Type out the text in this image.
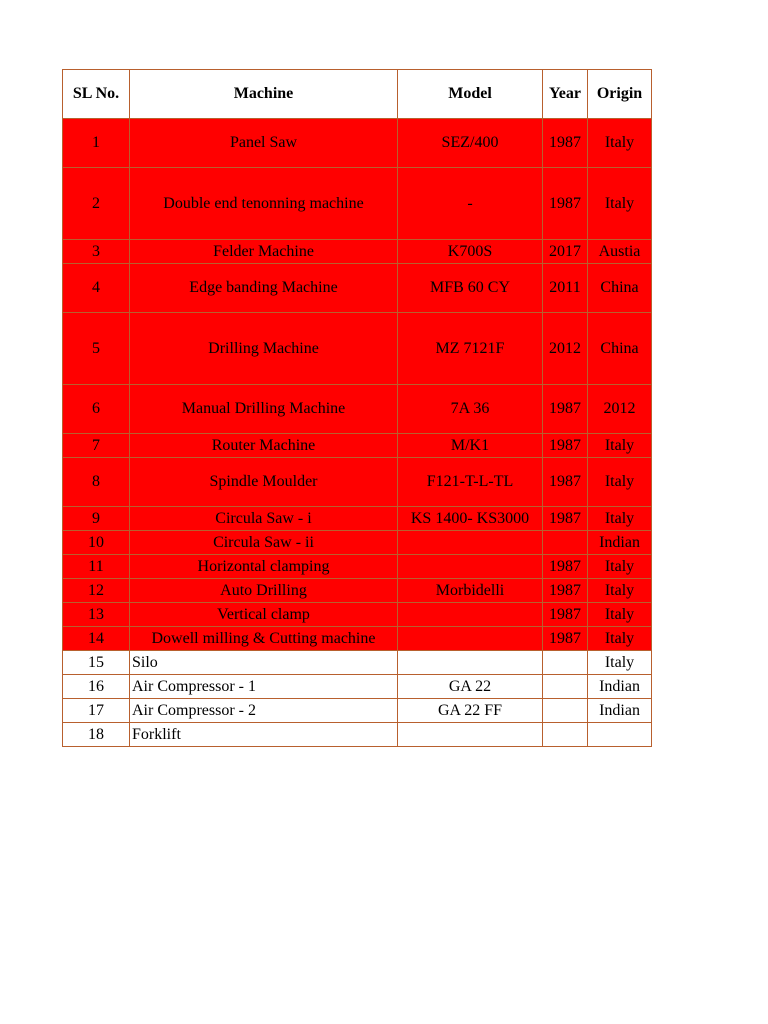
SL No.	Machine	Model	Year	Origin
1	Panel Saw	SEZ/400	1987	Italy
2	Double end tenonning machine	-	1987	Italy
3	Felder Machine	K700S	2017	Austia
4	Edge banding Machine	MFB 60 CY	2011	China
5	Drilling Machine	MZ 7121F	2012	China
6	Manual Drilling Machine	7A 36	1987	2012
7	Router Machine	M/K1	1987	Italy
8	Spindle Moulder	F121-T-L-TL	1987	Italy
9	Circula Saw - i	KS 1400- KS3000	1987	Italy
10	Circula Saw - ii			Indian
11	Horizontal clamping		1987	Italy
12	Auto Drilling	Morbidelli	1987	Italy
13	Vertical clamp		1987	Italy
14	Dowell milling & Cutting machine		1987	Italy
15	Silo			Italy
16	Air Compressor - 1	GA 22		Indian
17	Air Compressor - 2	GA 22 FF		Indian
18	Forklift			
